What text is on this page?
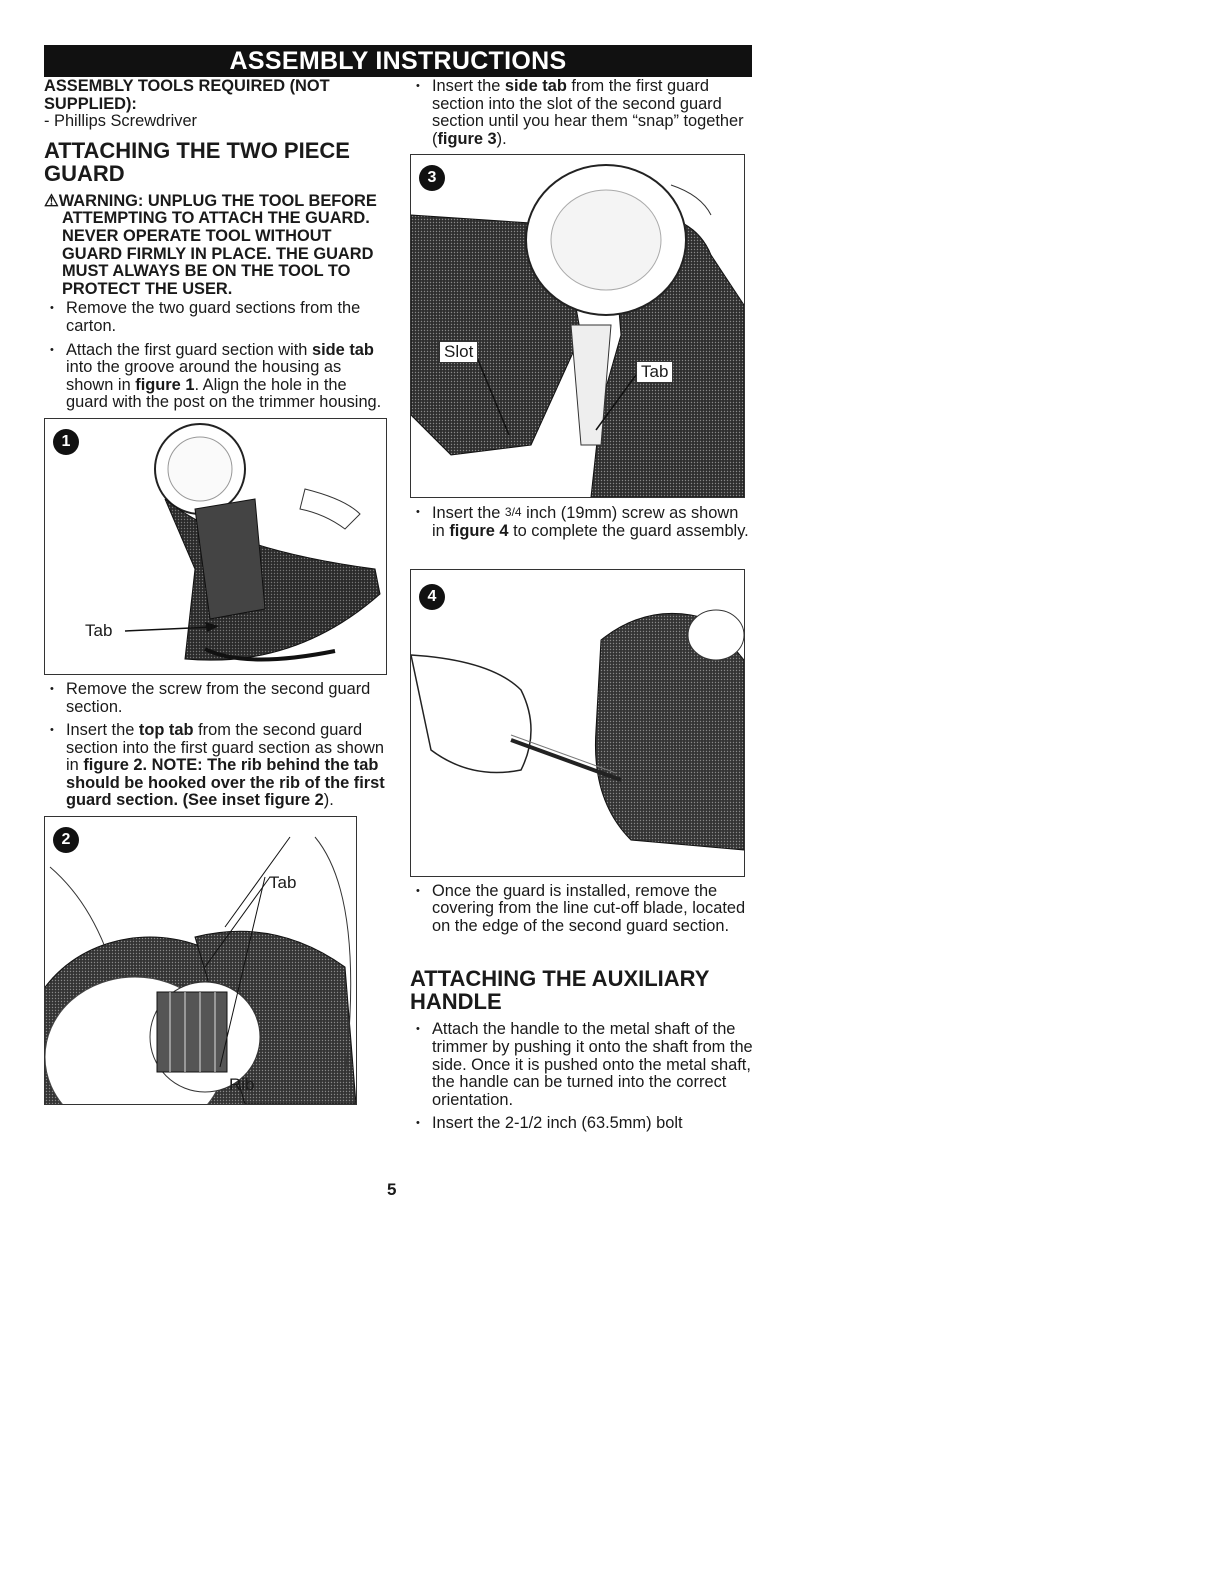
ASSEMBLY INSTRUCTIONS

ASSEMBLY TOOLS REQUIRED (NOT SUPPLIED):

- Phillips Screwdriver

ATTACHING THE TWO PIECE GUARD

⚠WARNING: UNPLUG THE TOOL BEFORE ATTEMPTING TO ATTACH THE GUARD. NEVER OPERATE TOOL WITHOUT GUARD FIRMLY IN PLACE. THE GUARD MUST ALWAYS BE ON THE TOOL TO PROTECT THE USER.

• Remove the two guard sections from the carton.

• Attach the first guard section with side tab into the groove around the housing as shown in figure 1. Align the hole in the guard with the post on the trimmer housing.

1
Tab

• Remove the screw from the second guard section.

• Insert the top tab from the second guard section into the first guard section as shown in figure 2. NOTE: The rib behind the tab should be hooked over the rib of the first guard section. (See inset figure 2).

2
Tab
Rib

• Insert the side tab from the first guard section into the slot of the second guard section until you hear them “snap” together (figure 3).

3
Slot
Tab

• Insert the 3/4 inch (19mm) screw as shown in figure 4 to complete the guard assembly.

4

• Once the guard is installed, remove the covering from the line cut-off blade, located on the edge of the second guard section.

ATTACHING THE AUXILIARY HANDLE

• Attach the handle to the metal shaft of the trimmer by pushing it onto the shaft from the side. Once it is pushed onto the metal shaft, the handle can be turned into the correct orientation.

• Insert the 2-1/2 inch (63.5mm) bolt

5
